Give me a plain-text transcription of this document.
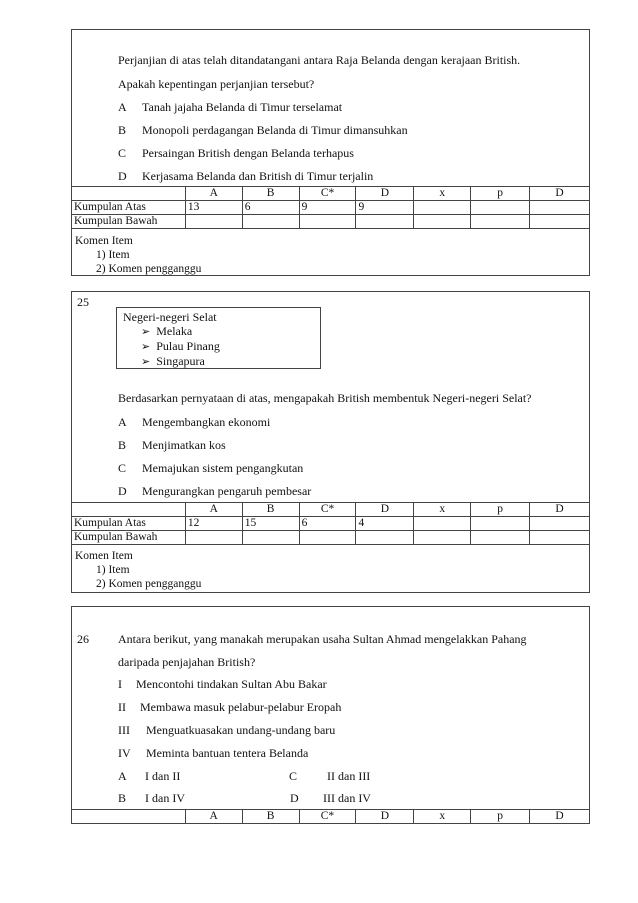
Perjanjian di atas telah ditandatangani antara Raja Belanda dengan kerajaan British.
Apakah kepentingan perjanjian tersebut?
A Tanah jajaha Belanda di Timur terselamat
B Monopoli perdagangan Belanda di Timur dimansuhkan
C Persaingan British dengan Belanda terhapus
D Kerjasama Belanda dan British di Timur terjalin
	A	B	C*	D	x	p	D
Kumpulan Atas	13	6	9	9			
Kumpulan Bawah							
Komen Item
1) Item
2) Komen pengganggu
25
Negeri-negeri Selat
➢ Melaka
➢ Pulau Pinang
➢ Singapura
Berdasarkan pernyataan di atas, mengapakah British membentuk Negeri-negeri Selat?
A Mengembangkan ekonomi
B Menjimatkan kos
C Memajukan sistem pengangkutan
D Mengurangkan pengaruh pembesar
	A	B	C*	D	x	p	D
Kumpulan Atas	12	15	6	4			
Kumpulan Bawah							
Komen Item
1) Item
2) Komen pengganggu
26 Antara berikut, yang manakah merupakan usaha Sultan Ahmad mengelakkan Pahang
daripada penjajahan British?
I Mencontohi tindakan Sultan Abu Bakar
II Membawa masuk pelabur-pelabur Eropah
III Menguatkuasakan undang-undang baru
IV Meminta bantuan tentera Belanda
A I dan II	C II dan III
B I dan IV	D III dan IV
	A	B	C*	D	x	p	D
